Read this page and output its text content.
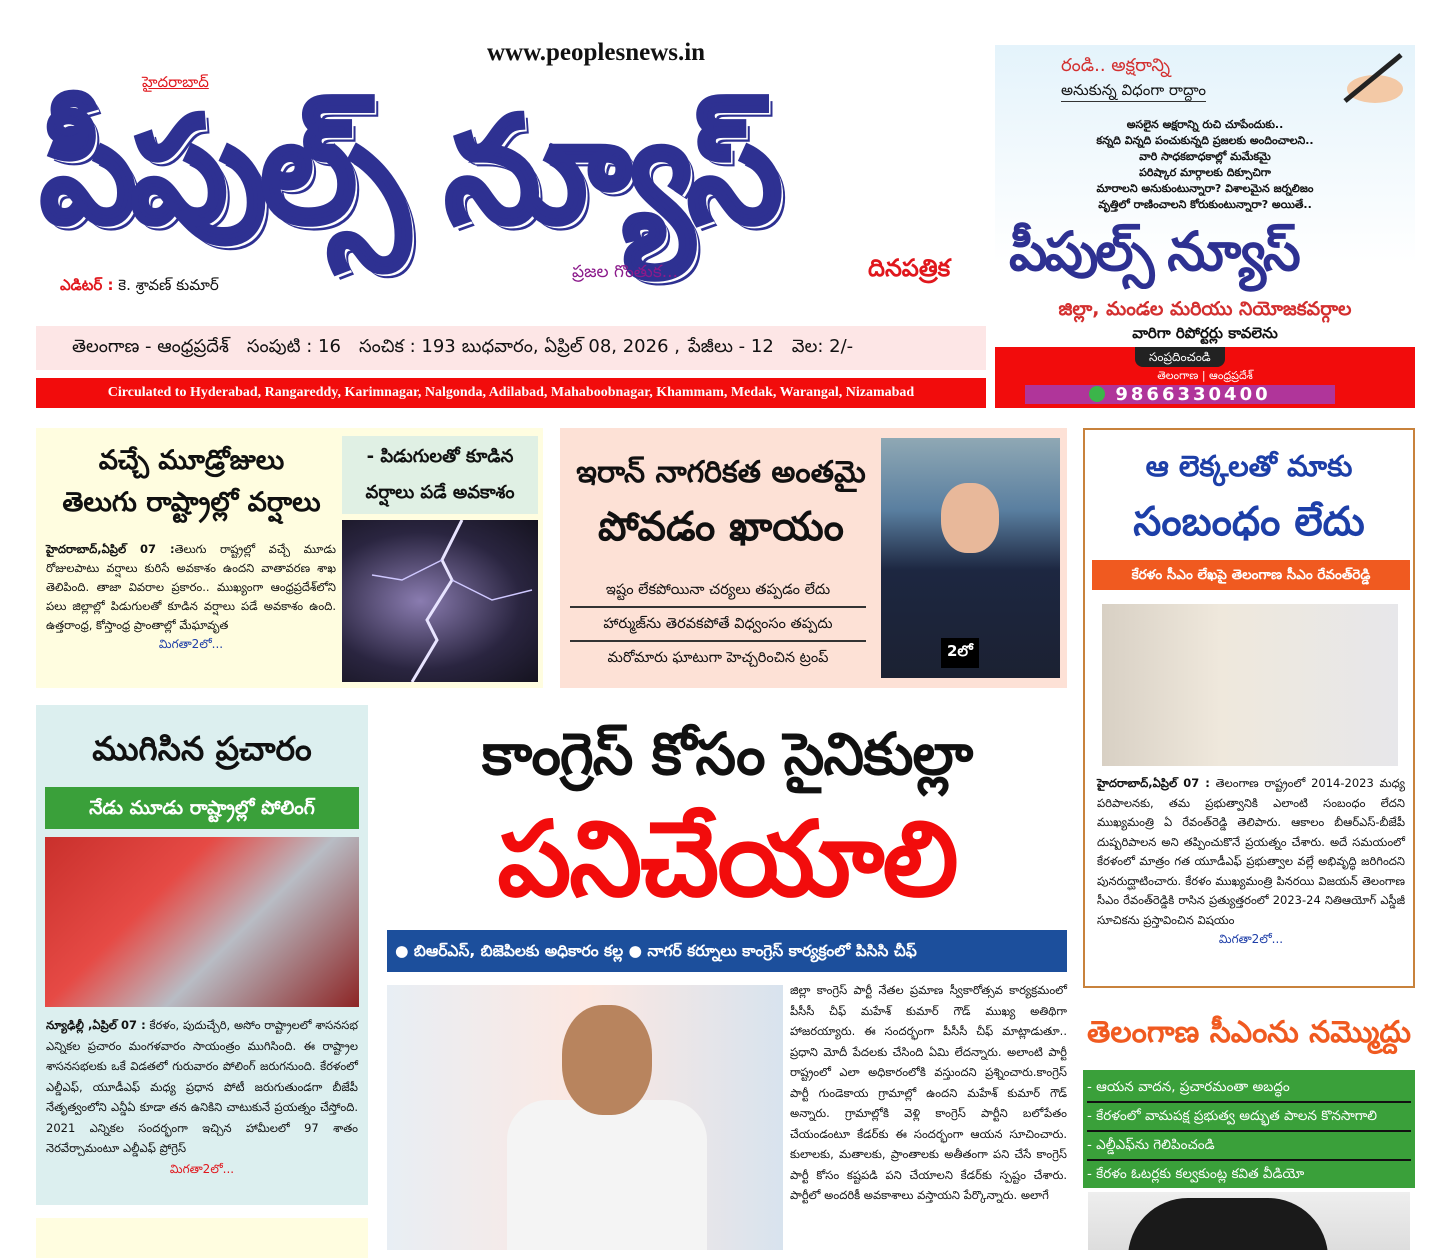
www.peoplesnews.in
హైదరాబాద్
పీపుల్స్ న్యూస్
ఎడిటర్ : కె. శ్రావణ్ కుమార్
ప్రజల గొంతుక...	దినపత్రిక
తెలంగాణ - ఆంధ్రప్రదేశ్ సంపుటి : 16 సంచిక : 193 బుధవారం, ఏప్రిల్ 08, 2026 , పేజీలు - 12 వెల: 2/-
Circulated to Hyderabad, Rangareddy, Karimnagar, Nalgonda, Adilabad, Mahaboobnagar, Khammam, Medak, Warangal, Nizamabad
రండి.. అక్షరాన్ని
అనుకున్న విధంగా రాద్దాం
అసలైన అక్షరాన్ని రుచి చూపేందుకు..
కన్నది విన్నది పంచుకున్నది ప్రజలకు అందించాలని..
వారి సాధకబాధకాల్లో మమేకమై
పరిష్కార మార్గాలకు దిక్సూచిగా
మారాలని అనుకుంటున్నారా? విశాలమైన జర్నలిజం
వృత్తిలో రాణించాలని కోరుకుంటున్నారా? అయితే..
పీపుల్స్ న్యూస్
జిల్లా, మండల మరియు నియోజకవర్గాల
వారిగా రిపోర్టర్లు కావలెను
సంప్రదించండి
తెలంగాణ | ఆంధ్రప్రదేశ్
9866330400
వచ్చే మూడ్రోజులు
తెలుగు రాష్ట్రాల్లో వర్షాలు
- పిడుగులతో కూడిన వర్షాలు పడే అవకాశం
హైదరాబాద్,ఏప్రిల్ 07 :తెలుగు రాష్ట్రల్లో వచ్చే మూడు రోజులపాటు వర్షాలు కురిసే అవకాశం ఉందని వాతావరణ శాఖ తెలిపింది. తాజా వివరాల ప్రకారం.. ముఖ్యంగా ఆంధ్రప్రదేశ్‌లోని పలు జిల్లాల్లో పిడుగులతో కూడిన వర్షాలు పడే అవకాశం ఉంది. ఉత్తరాంధ్ర, కోస్తాంధ్ర ప్రాంతాల్లో మేఘావృత
మిగతా2లో...
ఇరాన్ నాగరికత అంతమై
పోవడం ఖాయం
ఇష్టం లేకపోయినా చర్యలు తప్పడం లేదు
హార్ముజ్‌ను తెరవకపోతే విధ్వంసం తప్పదు
మరోమారు ఘాటుగా హెచ్చరించిన ట్రంప్	2లో
ఆ లెక్కలతో మాకు
సంబంధం లేదు
కేరళం సీఎం లేఖపై తెలంగాణ సీఎం రేవంత్‌రెడ్డి
హైదరాబాద్,ఏప్రిల్ 07 : తెలంగాణ రాష్ట్రంలో 2014-2023 మధ్య పరిపాలనకు, తమ ప్రభుత్వానికి ఎలాంటి సంబంధం లేదని ముఖ్యమంత్రి ఏ రేవంత్‌రెడ్డి తెలిపారు. ఆకాలం బీఆర్ఎస్-బీజేపీ దుష్పరిపాలన అని తప్పించుకొనే ప్రయత్నం చేశారు. అదే సమయంలో కేరళంలో మాత్రం గత యూడీఎఫ్ ప్రభుత్వాల వల్లే అభివృద్ధి జరిగిందని పునరుద్ఘాటించారు. కేరళం ముఖ్యమంత్రి పినరయి విజయన్ తెలంగాణ సీఎం రేవంత్‌రెడ్డికి రాసిన ప్రత్యుత్తరంలో 2023-24 నితిఆయోగ్ ఎస్డీజీ సూచికను ప్రస్తావించిన విషయం
మిగతా2లో...
ముగిసిన ప్రచారం
నేడు మూడు రాష్ట్రాల్లో పోలింగ్
న్యూఢిల్లీ ,ఏప్రిల్ 07 : కేరళం, పుదుచ్చేరి, అసోం రాష్ట్రాలలో శాసనసభ ఎన్నికల ప్రచారం మంగళవారం సాయంత్రం ముగిసింది. ఈ రాష్ట్రాల శాసనసభలకు ఒకే విడతలో గురువారం పోలింగ్ జరుగనుంది. కేరళంలో ఎల్డీఎఫ్, యూడీఎఫ్ మధ్య ప్రధాన పోటీ జరుగుతుండగా బీజేపీ నేతృత్వంలోని ఎన్డీఏ కూడా తన ఉనికిని చాటుకునే ప్రయత్నం చేస్తోంది. 2021 ఎన్నికల సందర్భంగా ఇచ్చిన హామీలలో 97 శాతం నెరవేర్చామంటూ ఎల్డీఎఫ్ ప్రోగ్రెస్
మిగతా2లో...
కాంగ్రెస్ కోసం సైనికుల్లా
పనిచేయాలి
● బిఆర్ఎస్, బిజెపిలకు అధికారం కల్ల ● నాగర్ కర్నూలు కాంగ్రెస్ కార్యక్రంలో పిసిసి చీఫ్
జిల్లా కాంగ్రెస్ పార్టీ నేతల ప్రమాణ స్వీకారోత్సవ కార్యక్రమంలో పీసీసీ చీఫ్ మహేశ్ కుమార్ గౌడ్ ముఖ్య అతిథిగా హాజరయ్యారు. ఈ సందర్భంగా పీసీసీ చీఫ్ మాట్లాడుతూ.. ప్రధాని మోదీ పేదలకు చేసింది ఏమి లేదన్నారు. అలాంటి పార్టీ రాష్ట్రంలో ఎలా అధికారంలోకి వస్తుందని ప్రశ్నించారు.కాంగ్రెస్ పార్టీ గుండెకాయ గ్రామాల్లో ఉందని మహేశ్ కుమార్ గౌడ్ అన్నారు. గ్రామాల్లోకి వెళ్లి కాంగ్రెస్ పార్టీని బలోపేతం చేయండంటూ కేడర్‌కు ఈ సందర్భంగా ఆయన సూచించారు. కులాలకు, మతాలకు, ప్రాంతాలకు అతీతంగా పని చేసే కాంగ్రెస్ పార్టీ కోసం కష్టపడి పని చేయాలని కేడర్‌కు స్పష్టం చేశారు. పార్టీలో అందరికీ అవకాశాలు వస్తాయని పేర్కొన్నారు. అలాగే
తెలంగాణ సీఎంను నమ్మొద్దు
- ఆయన వాదన, ప్రచారమంతా అబద్ధం
- కేరళంలో వామపక్ష ప్రభుత్వ అద్భుత పాలన కొనసాగాలి
- ఎల్డీఎఫ్‌ను గెలిపించండి
- కేరళం ఓటర్లకు కల్వకుంట్ల కవిత వీడియో
